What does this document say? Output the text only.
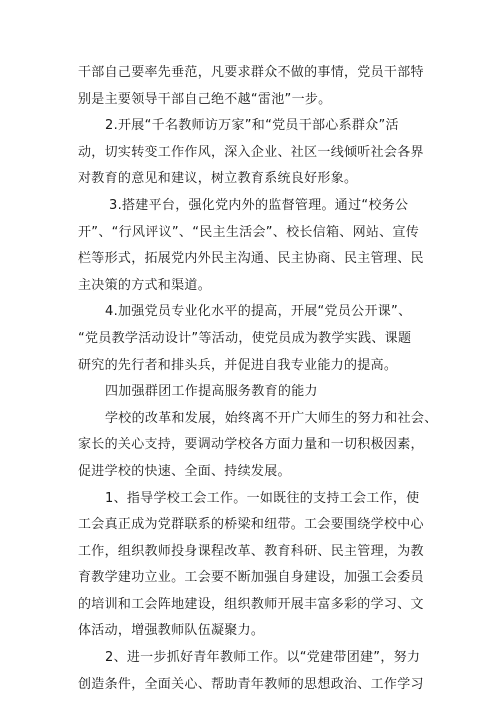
干部自己要率先垂范，凡要求群众不做的事情，党员干部特
别是主要领导干部自己绝不越“雷池”一步。
2.开展“千名教师访万家”和“党员干部心系群众”活
动，切实转变工作作风，深入企业、社区一线倾听社会各界
对教育的意见和建议，树立教育系统良好形象。
3.搭建平台，强化党内外的监督管理。通过“校务公
开”、“行风评议”、“民主生活会”、校长信箱、网站、宣传
栏等形式，拓展党内外民主沟通、民主协商、民主管理、民
主决策的方式和渠道。
4.加强党员专业化水平的提高，开展“党员公开课”、
“党员教学活动设计”等活动，使党员成为教学实践、课题
研究的先行者和排头兵，并促进自我专业能力的提高。
四加强群团工作提高服务教育的能力
学校的改革和发展，始终离不开广大师生的努力和社会、
家长的关心支持，要调动学校各方面力量和一切积极因素，
促进学校的快速、全面、持续发展。
1、指导学校工会工作。一如既往的支持工会工作，使
工会真正成为党群联系的桥梁和纽带。工会要围绕学校中心
工作，组织教师投身课程改革、教育科研、民主管理，为教
育教学建功立业。工会要不断加强自身建设，加强工会委员
的培训和工会阵地建设，组织教师开展丰富多彩的学习、文
体活动，增强教师队伍凝聚力。
2、进一步抓好青年教师工作。以“党建带团建”，努力
创造条件，全面关心、帮助青年教师的思想政治、工作学习
